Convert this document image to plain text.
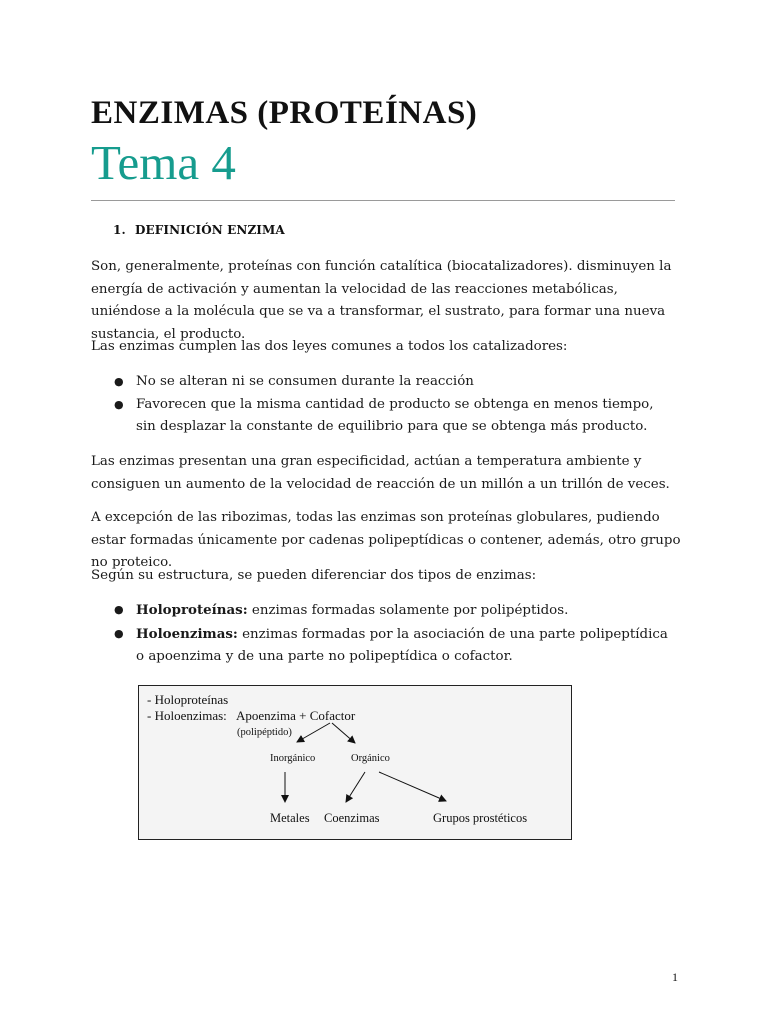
ENZIMAS (PROTEÍNAS)
Tema 4
1. DEFINICIÓN ENZIMA
Son, generalmente, proteínas con función catalítica (biocatalizadores). disminuyen la energía de activación y aumentan la velocidad de las reacciones metabólicas, uniéndose a la molécula que se va a transformar, el sustrato, para formar una nueva sustancia, el producto.
Las enzimas cumplen las dos leyes comunes a todos los catalizadores:
● No se alteran ni se consumen durante la reacción
● Favorecen que la misma cantidad de producto se obtenga en menos tiempo, sin desplazar la constante de equilibrio para que se obtenga más producto.
Las enzimas presentan una gran especificidad, actúan a temperatura ambiente y consiguen un aumento de la velocidad de reacción de un millón a un trillón de veces.
A excepción de las ribozimas, todas las enzimas son proteínas globulares, pudiendo estar formadas únicamente por cadenas polipeptídicas o contener, además, otro grupo no proteico.
Según su estructura, se pueden diferenciar dos tipos de enzimas:
● Holoproteínas: enzimas formadas solamente por polipéptidos.
● Holoenzimas: enzimas formadas por la asociación de una parte polipeptídica o apoenzima y de una parte no polipeptídica o cofactor.
- Holoproteínas
- Holoenzimas: Apoenzima + Cofactor
(polipéptido)
Inorgánico	Orgánico
Metales Coenzimas	Grupos prostéticos
1
